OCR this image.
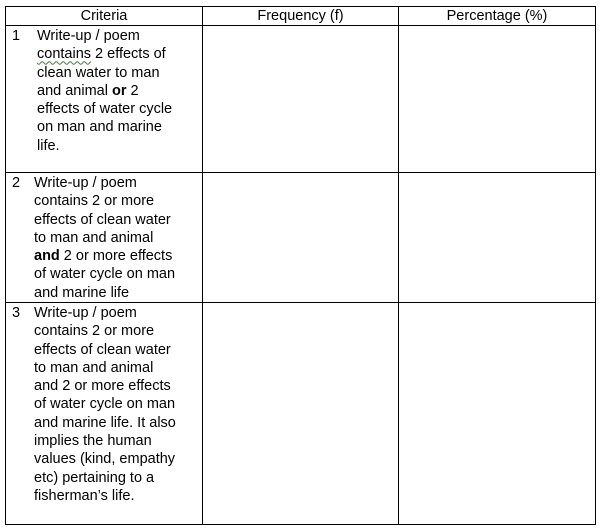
Criteria	Frequency (f)	Percentage (%)
1 Write-up / poem
contains 2 effects of
clean water to man
and animal or 2
effects of water cycle
on man and marine
life.
2 Write-up / poem
contains 2 or more
effects of clean water
to man and animal
and 2 or more effects
of water cycle on man
and marine life
3 Write-up / poem
contains 2 or more
effects of clean water
to man and animal
and 2 or more effects
of water cycle on man
and marine life. It also
implies the human
values (kind, empathy
etc) pertaining to a
fisherman’s life.
